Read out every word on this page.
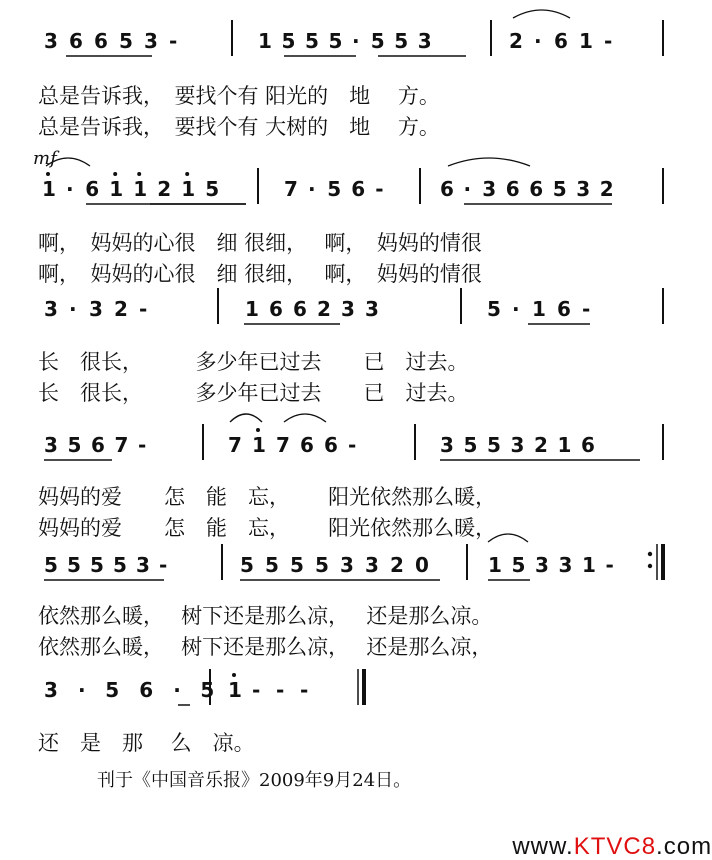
3 6 6 5 3 -	1 5 5 5 · 5 5 3	2 · 6 1 -
1 · 6 1 1 2 1 5	7 · 5 6 -	6 · 3 6 6 5 3 2
3 · 3 2 -	1 6 6 2 3 3	5 · 1 6 -
3 5 6 7 -	7 1 7 6 6 -	3 5 5 3 2 1 6
5 5 5 5 3 -	5 5 5 5 3 3 2 0	1 5 3 3 1 -
3 · 5 6 · 5 1 - - -
mf
总是告诉我，　要找个有 阳光的　地　 方。
总是告诉我，　要找个有 大树的　地　 方。
啊，　妈妈的心很　细 很细，　 啊，　妈妈的情很
啊，　妈妈的心很　细 很细，　 啊，　妈妈的情很
长　很长，　　　多少年已过去　　已　过去。
长　很长，　　　多少年已过去　　已　过去。
妈妈的爱　　怎　能　忘，　　 阳光依然那么暖，
妈妈的爱　　怎　能　忘，　　 阳光依然那么暖，
依然那么暖，　 树下还是那么凉，　 还是那么凉。
依然那么暖，　 树下还是那么凉，　 还是那么凉，
还　是　那　 么　凉。
刊于《中国音乐报》2009年9月24日。

www.KTVC8.com
